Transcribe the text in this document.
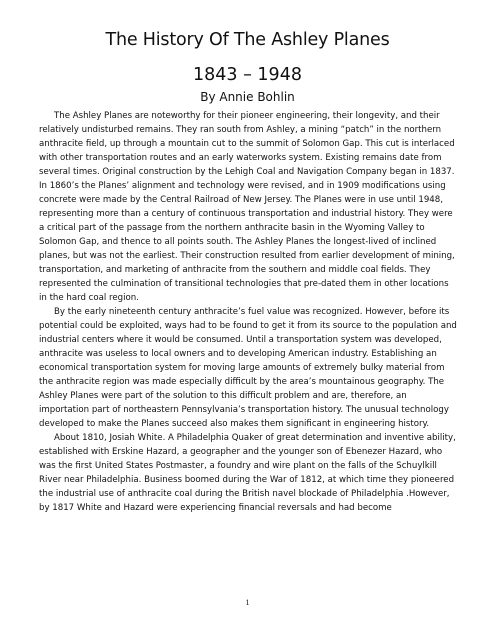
The History Of The Ashley Planes
1843 – 1948
By Annie Bohlin

The Ashley Planes are noteworthy for their pioneer engineering, their longevity, and their relatively undisturbed remains. They ran south from Ashley, a mining “patch” in the northern anthracite field, up through a mountain cut to the summit of Solomon Gap. This cut is interlaced with other transportation routes and an early waterworks system. Existing remains date from several times. Original construction by the Lehigh Coal and Navigation Company began in 1837. In 1860’s the Planes’ alignment and technology were revised, and in 1909 modifications using concrete were made by the Central Railroad of New Jersey. The Planes were in use until 1948, representing more than a century of continuous transportation and industrial history. They were a critical part of the passage from the northern anthracite basin in the Wyoming Valley to Solomon Gap, and thence to all points south. The Ashley Planes the longest-lived of inclined planes, but was not the earliest. Their construction resulted from earlier development of mining, transportation, and marketing of anthracite from the southern and middle coal fields. They represented the culmination of transitional technologies that pre-dated them in other locations in the hard coal region.

By the early nineteenth century anthracite’s fuel value was recognized. However, before its potential could be exploited, ways had to be found to get it from its source to the population and industrial centers where it would be consumed. Until a transportation system was developed, anthracite was useless to local owners and to developing American industry. Establishing an economical transportation system for moving large amounts of extremely bulky material from the anthracite region was made especially difficult by the area’s mountainous geography. The Ashley Planes were part of the solution to this difficult problem and are, therefore, an importation part of northeastern Pennsylvania’s transportation history. The unusual technology developed to make the Planes succeed also makes them significant in engineering history.

About 1810, Josiah White. A Philadelphia Quaker of great determination and inventive ability, established with Erskine Hazard, a geographer and the younger son of Ebenezer Hazard, who was the first United States Postmaster, a foundry and wire plant on the falls of the Schuylkill River near Philadelphia. Business boomed during the War of 1812, at which time they pioneered the industrial use of anthracite coal during the British navel blockade of Philadelphia .However, by 1817 White and Hazard were experiencing financial reversals and had become

1
